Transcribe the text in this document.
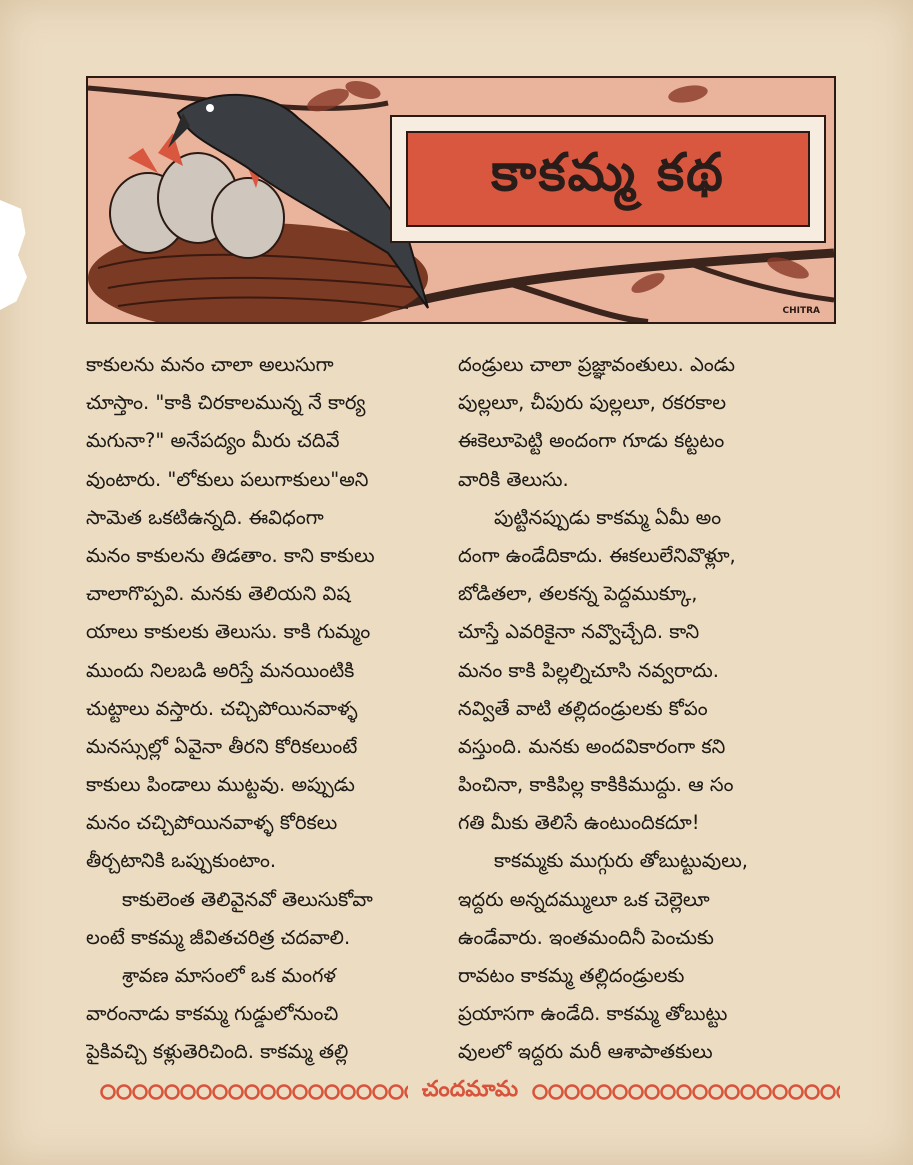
కాకమ్మ కథ
CHITRA
కాకులను మనం చాలా అలుసుగా
చూస్తాం. "కాకి చిరకాలమున్న నే కార్య
మగునా?" అనేపద్యం మీరు చదివే
వుంటారు. "లోకులు పలుగాకులు"అని
సామెత ఒకటిఉన్నది. ఈవిధంగా
మనం కాకులను తిడతాం. కాని కాకులు
చాలాగొప్పవి. మనకు తెలియని విష
యాలు కాకులకు తెలుసు. కాకి గుమ్మం
ముందు నిలబడి అరిస్తే మనయింటికి
చుట్టాలు వస్తారు. చచ్చిపోయినవాళ్ళ
మనస్సుల్లో ఏవైనా తీరని కోరికలుంటే
కాకులు పిండాలు ముట్టవు. అప్పుడు
మనం చచ్చిపోయినవాళ్ళ కోరికలు
తీర్చటానికి ఒప్పుకుంటాం.
కాకులెంత తెలివైనవో తెలుసుకోవా
లంటే కాకమ్మ జీవితచరిత్ర చదవాలి.
శ్రావణ మాసంలో ఒక మంగళ
వారంనాడు కాకమ్మ గుడ్డులోనుంచి
పైకివచ్చి కళ్లుతెరిచింది. కాకమ్మ తల్లి
దండ్రులు చాలా ప్రజ్ఞావంతులు. ఎండు
పుల్లలూ, చీపురు పుల్లలూ, రకరకాల
ఈకెలూపెట్టి అందంగా గూడు కట్టటం
వారికి తెలుసు.
పుట్టినప్పుడు కాకమ్మ ఏమీ అం
దంగా ఉండేదికాదు. ఈకలులేనివొళ్లూ,
బోడితలా, తలకన్న పెద్దముక్కూ,
చూస్తే ఎవరికైనా నవ్వొచ్చేది. కాని
మనం కాకి పిల్లల్నిచూసి నవ్వరాదు.
నవ్వితే వాటి తల్లిదండ్రులకు కోపం
వస్తుంది. మనకు అందవికారంగా కని
పించినా, కాకిపిల్ల కాకికిముద్దు. ఆ సం
గతి మీకు తెలిసే ఉంటుందికదూ!
కాకమ్మకు ముగ్గురు తోబుట్టువులు,
ఇద్దరు అన్నదమ్ములూ ఒక చెల్లెలూ
ఉండేవారు. ఇంతమందినీ పెంచుకు
రావటం కాకమ్మ తల్లిదండ్రులకు
ప్రయాసగా ఉండేది. కాకమ్మ తోబుట్టు
వులలో ఇద్దరు మరీ ఆశాపాతకులు
చందమామ
